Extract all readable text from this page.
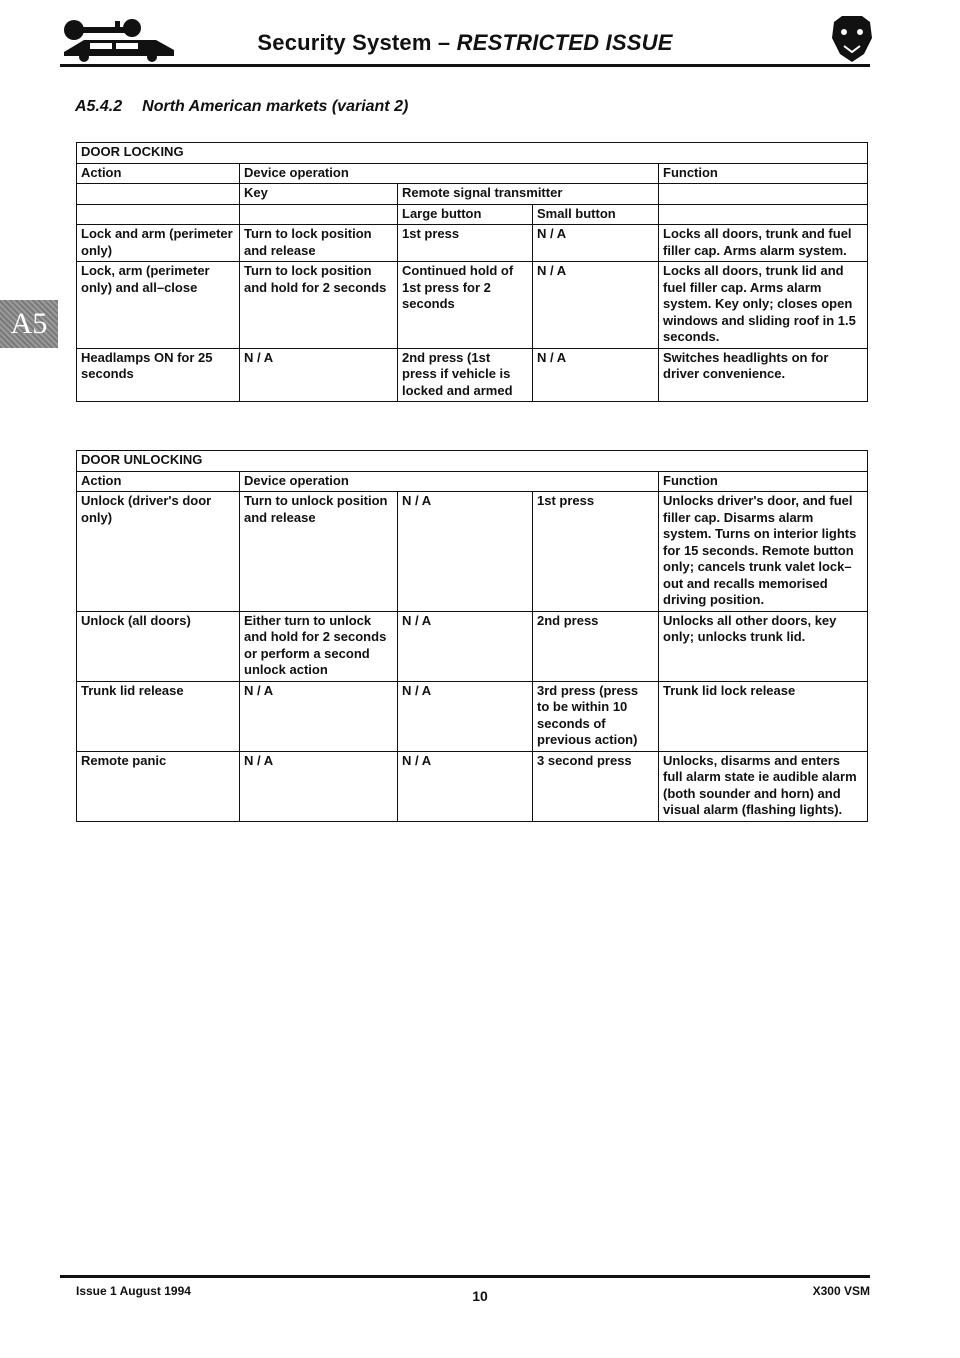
Security System – RESTRICTED ISSUE
A5.4.2 North American markets (variant 2)
A5
DOOR LOCKING				
Action	Device operation			Function
	Key	Remote signal transmitter		
		Large button	Small button	
Lock and arm (perimeter only)	Turn to lock position and release	1st press	N / A	Locks all doors, trunk and fuel filler cap. Arms alarm system.
Lock, arm (perimeter only) and all–close	Turn to lock position and hold for 2 seconds	Continued hold of 1st press for 2 seconds	N / A	Locks all doors, trunk lid and fuel filler cap. Arms alarm system. Key only; closes open windows and sliding roof in 1.5 seconds.
Headlamps ON for 25 seconds	N / A	2nd press (1st press if vehicle is locked and armed	N / A	Switches headlights on for driver convenience.
DOOR UNLOCKING				
Action	Device operation			Function
Unlock (driver's door only)	Turn to unlock position and release	N / A	1st press	Unlocks driver's door, and fuel filler cap. Disarms alarm system. Turns on interior lights for 15 seconds. Remote button only; cancels trunk valet lock–out and recalls memorised driving position.
Unlock (all doors)	Either turn to unlock and hold for 2 seconds or perform a second unlock action	N / A	2nd press	Unlocks all other doors, key only; unlocks trunk lid.
Trunk lid release	N / A	N / A	3rd press (press to be within 10 seconds of previous action)	Trunk lid lock release
Remote panic	N / A	N / A	3 second press	Unlocks, disarms and enters full alarm state ie audible alarm (both sounder and horn) and visual alarm (flashing lights).
Issue 1 August 1994	10	X300 VSM
